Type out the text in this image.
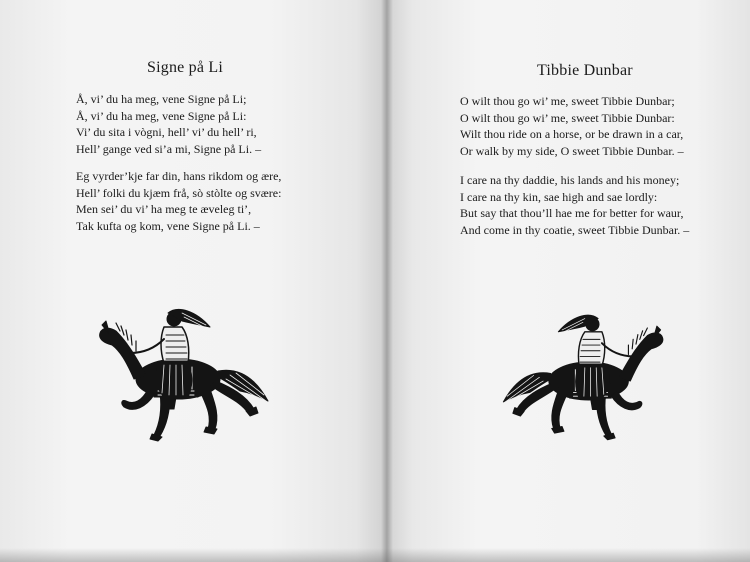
Signe på Li
Å, vi’ du ha meg, vene Signe på Li;
Å, vi’ du ha meg, vene Signe på Li:
Vi’ du sita i vògni, hell’ vi’ du hell’ ri,
Hell’ gange ved si’a mi, Signe på Li. –
Eg vyrder’kje far din, hans rikdom og ære,
Hell’ folki du kjæm frå, sò stòlte og svære:
Men sei’ du vi’ ha meg te æveleg ti’,
Tak kufta og kom, vene Signe på Li. –
Tibbie Dunbar
O wilt thou go wi’ me, sweet Tibbie Dunbar;
O wilt thou go wi’ me, sweet Tibbie Dunbar:
Wilt thou ride on a horse, or be drawn in a car,
Or walk by my side, O sweet Tibbie Dunbar. –
I care na thy daddie, his lands and his money;
I care na thy kin, sae high and sae lordly:
But say that thou’ll hae me for better for waur,
And come in thy coatie, sweet Tibbie Dunbar. –
